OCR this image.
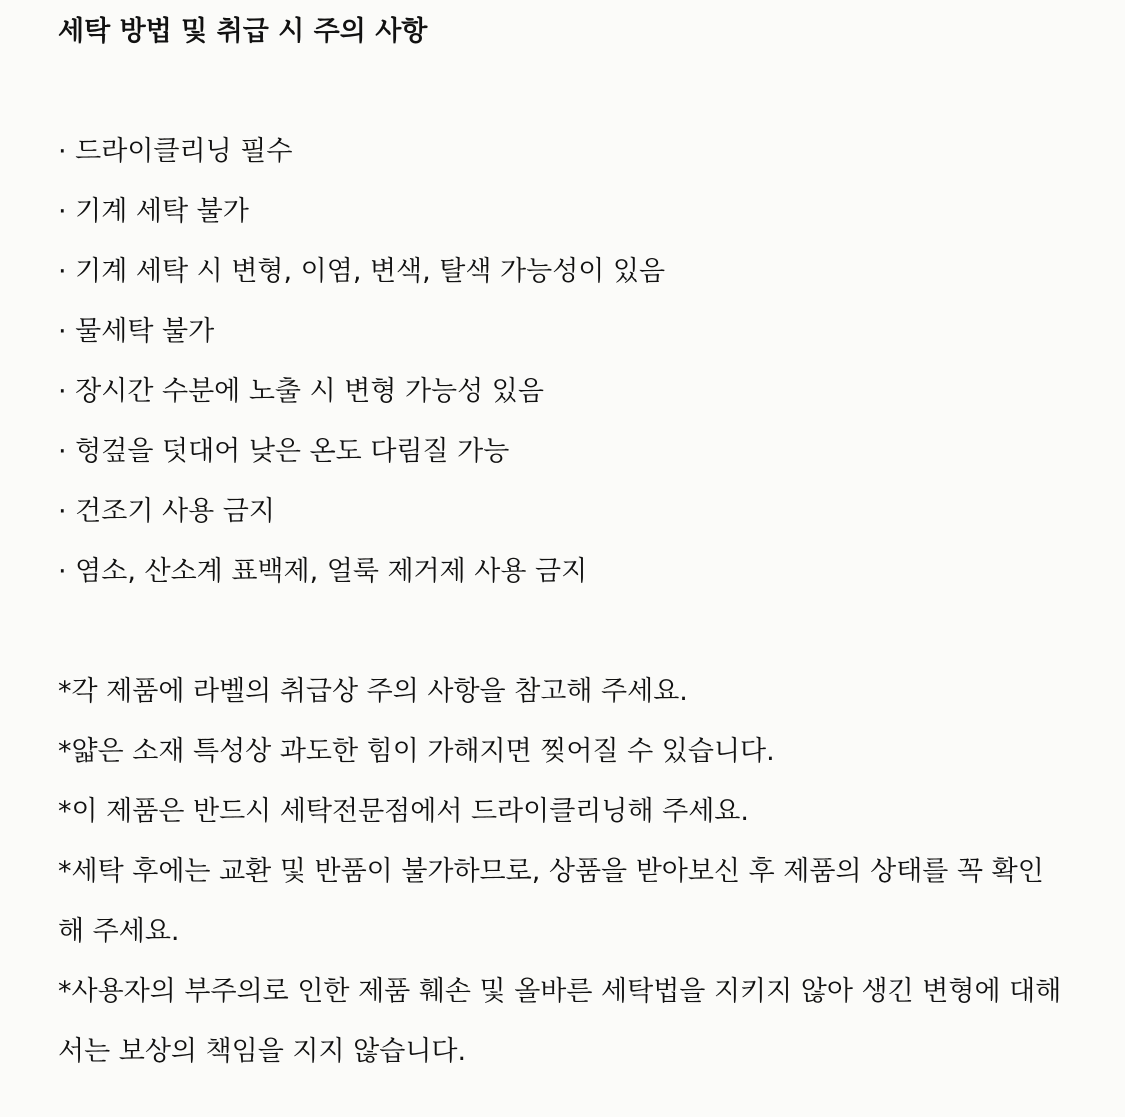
세탁 방법 및 취급 시 주의 사항

· 드라이클리닝 필수

· 기계 세탁 불가

· 기계 세탁 시 변형, 이염, 변색, 탈색 가능성이 있음

· 물세탁 불가

· 장시간 수분에 노출 시 변형 가능성 있음

· 헝겊을 덧대어 낮은 온도 다림질 가능

· 건조기 사용 금지

· 염소, 산소계 표백제, 얼룩 제거제 사용 금지

*각 제품에 라벨의 취급상 주의 사항을 참고해 주세요.

*얇은 소재 특성상 과도한 힘이 가해지면 찢어질 수 있습니다.

*이 제품은 반드시 세탁전문점에서 드라이클리닝해 주세요.

*세탁 후에는 교환 및 반품이 불가하므로, 상품을 받아보신 후 제품의 상태를 꼭 확인해 주세요.

*사용자의 부주의로 인한 제품 훼손 및 올바른 세탁법을 지키지 않아 생긴 변형에 대해서는 보상의 책임을 지지 않습니다.
